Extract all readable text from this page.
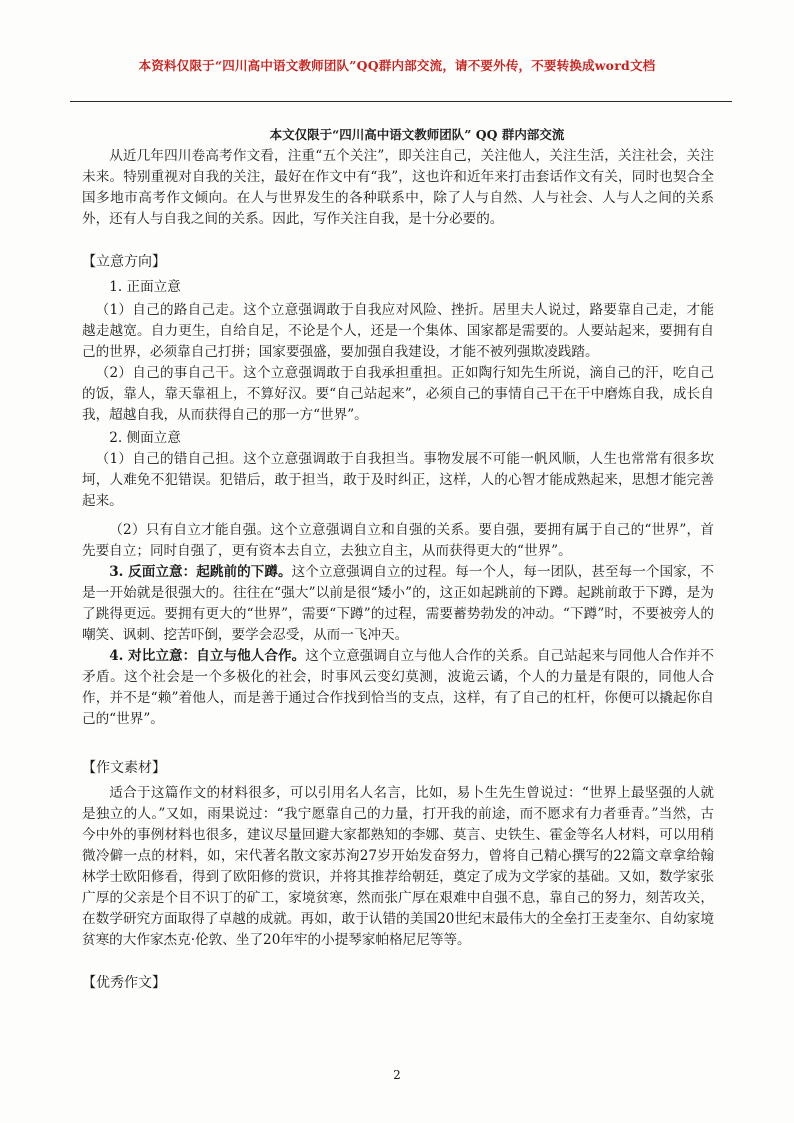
本资料仅限于“四川高中语文教师团队”QQ群内部交流，请不要外传，不要转换成word文档
本文仅限于“四川高中语文教师团队” QQ 群内部交流

从近几年四川卷高考作文看，注重“五个关注”，即关注自己，关注他人，关注生活，关注社会，关注未来。特别重视对自我的关注，最好在作文中有“我”，这也许和近年来打击套话作文有关，同时也契合全国多地市高考作文倾向。在人与世界发生的各种联系中，除了人与自然、人与社会、人与人之间的关系外，还有人与自我之间的关系。因此，写作关注自我，是十分必要的。

【立意方向】

1. 正面立意

（1）自己的路自己走。这个立意强调敢于自我应对风险、挫折。居里夫人说过，路要靠自己走，才能越走越宽。自力更生，自给自足，不论是个人，还是一个集体、国家都是需要的。人要站起来，要拥有自己的世界，必须靠自己打拼；国家要强盛，要加强自我建设，才能不被列强欺凌践踏。

（2）自己的事自己干。这个立意强调敢于自我承担重担。正如陶行知先生所说，滴自己的汗，吃自己的饭，靠人，靠天靠祖上，不算好汉。要“自己站起来”，必须自己的事情自己干在干中磨炼自我，成长自我，超越自我，从而获得自己的那一方“世界”。

2. 侧面立意

（1）自己的错自己担。这个立意强调敢于自我担当。事物发展不可能一帆风顺，人生也常常有很多坎坷，人难免不犯错误。犯错后，敢于担当，敢于及时纠正，这样，人的心智才能成熟起来，思想才能完善起来。

（2）只有自立才能自强。这个立意强调自立和自强的关系。要自强，要拥有属于自己的“世界”，首先要自立；同时自强了，更有资本去自立，去独立自主，从而获得更大的“世界”。

3. 反面立意：起跳前的下蹲。这个立意强调自立的过程。每一个人，每一团队，甚至每一个国家，不是一开始就是很强大的。往往在“强大”以前是很“矮小”的，这正如起跳前的下蹲。起跳前敢于下蹲，是为了跳得更远。要拥有更大的“世界”，需要“下蹲”的过程，需要蓄势勃发的冲动。“下蹲”时，不要被旁人的嘲笑、讽刺、挖苦吓倒，要学会忍受，从而一飞冲天。

4. 对比立意：自立与他人合作。这个立意强调自立与他人合作的关系。自己站起来与同他人合作并不矛盾。这个社会是一个多极化的社会，时事风云变幻莫测，波诡云谲，个人的力量是有限的，同他人合作，并不是“赖”着他人，而是善于通过合作找到恰当的支点，这样，有了自己的杠杆，你便可以撬起你自己的“世界”。

【作文素材】

适合于这篇作文的材料很多，可以引用名人名言，比如，易卜生先生曾说过：“世界上最坚强的人就是独立的人。”又如，雨果说过：“我宁愿靠自己的力量，打开我的前途，而不愿求有力者垂青。”当然，古今中外的事例材料也很多，建议尽量回避大家都熟知的李娜、莫言、史铁生、霍金等名人材料，可以用稍微冷僻一点的材料，如，宋代著名散文家苏洵27岁开始发奋努力，曾将自己精心撰写的22篇文章拿给翰林学士欧阳修看，得到了欧阳修的赏识，并将其推荐给朝廷，奠定了成为文学家的基础。又如，数学家张广厚的父亲是个目不识丁的矿工，家境贫寒，然而张广厚在艰难中自强不息，靠自己的努力，刻苦攻关，在数学研究方面取得了卓越的成就。再如，敢于认错的美国20世纪末最伟大的全垒打王麦奎尔、自幼家境贫寒的大作家杰克·伦敦、坐了20年牢的小提琴家帕格尼尼等等。

【优秀作文】

2
